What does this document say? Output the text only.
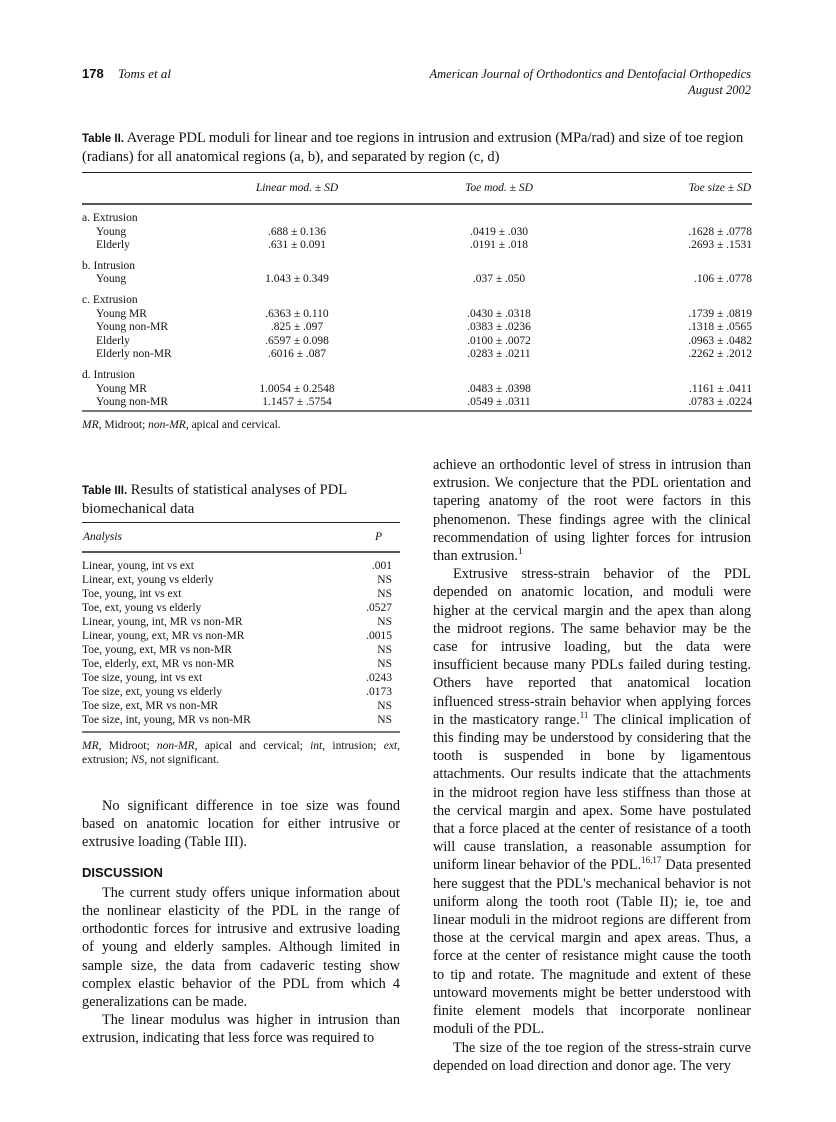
178 Toms et al	American Journal of Orthodontics and Dentofacial Orthopedics
August 2002
Table II. Average PDL moduli for linear and toe regions in intrusion and extrusion (MPa/rad) and size of toe region (radians) for all anatomical regions (a, b), and separated by region (c, d)
	Linear mod. ± SD	Toe mod. ± SD	Toe size ± SD
a. Extrusion			
Young	.688 ± 0.136	.0419 ± .030	.1628 ± .0778
Elderly	.631 ± 0.091	.0191 ± .018	.2693 ± .1531
b. Intrusion			
Young	1.043 ± 0.349	.037 ± .050	.106 ± .0778
c. Extrusion			
Young MR	.6363 ± 0.110	.0430 ± .0318	.1739 ± .0819
Young non-MR	.825 ± .097	.0383 ± .0236	.1318 ± .0565
Elderly	.6597 ± 0.098	.0100 ± .0072	.0963 ± .0482
Elderly non-MR	.6016 ± .087	.0283 ± .0211	.2262 ± .2012
d. Intrusion			
Young MR	1.0054 ± 0.2548	.0483 ± .0398	.1161 ± .0411
Young non-MR	1.1457 ± .5754	.0549 ± .0311	.0783 ± .0224
MR, Midroot; non-MR, apical and cervical.
Table III. Results of statistical analyses of PDL biomechanical data
Analysis	P
Linear, young, int vs ext	.001
Linear, ext, young vs elderly	NS
Toe, young, int vs ext	NS
Toe, ext, young vs elderly	.0527
Linear, young, int, MR vs non-MR	NS
Linear, young, ext, MR vs non-MR	.0015
Toe, young, ext, MR vs non-MR	NS
Toe, elderly, ext, MR vs non-MR	NS
Toe size, young, int vs ext	.0243
Toe size, ext, young vs elderly	.0173
Toe size, ext, MR vs non-MR	NS
Toe size, int, young, MR vs non-MR	NS
MR, Midroot; non-MR, apical and cervical; int, intrusion; ext, extrusion; NS, not significant.

No significant difference in toe size was found based on anatomic location for either intrusive or extrusive loading (Table III).

DISCUSSION

The current study offers unique information about the nonlinear elasticity of the PDL in the range of orthodontic forces for intrusive and extrusive loading of young and elderly samples. Although limited in sample size, the data from cadaveric testing show complex elastic behavior of the PDL from which 4 generalizations can be made.

The linear modulus was higher in intrusion than extrusion, indicating that less force was required to

achieve an orthodontic level of stress in intrusion than extrusion. We conjecture that the PDL orientation and tapering anatomy of the root were factors in this phenomenon. These findings agree with the clinical recommendation of using lighter forces for intrusion than extrusion.$^1$

Extrusive stress-strain behavior of the PDL depended on anatomic location, and moduli were higher at the cervical margin and the apex than along the midroot regions. The same behavior may be the case for intrusive loading, but the data were insufficient because many PDLs failed during testing. Others have reported that anatomical location influenced stress-strain behavior when applying forces in the masticatory range.$^{11}$ The clinical implication of this finding may be understood by considering that the tooth is suspended in bone by ligamentous attachments. Our results indicate that the attachments in the midroot region have less stiffness than those at the cervical margin and apex. Some have postulated that a force placed at the center of resistance of a tooth will cause translation, a reasonable assumption for uniform linear behavior of the PDL.$^{16,17}$ Data presented here suggest that the PDL's mechanical behavior is not uniform along the tooth root (Table II); ie, toe and linear moduli in the midroot regions are different from those at the cervical margin and apex areas. Thus, a force at the center of resistance might cause the tooth to tip and rotate. The magnitude and extent of these untoward movements might be better understood with finite element models that incorporate nonlinear moduli of the PDL.

The size of the toe region of the stress-strain curve depended on load direction and donor age. The very
